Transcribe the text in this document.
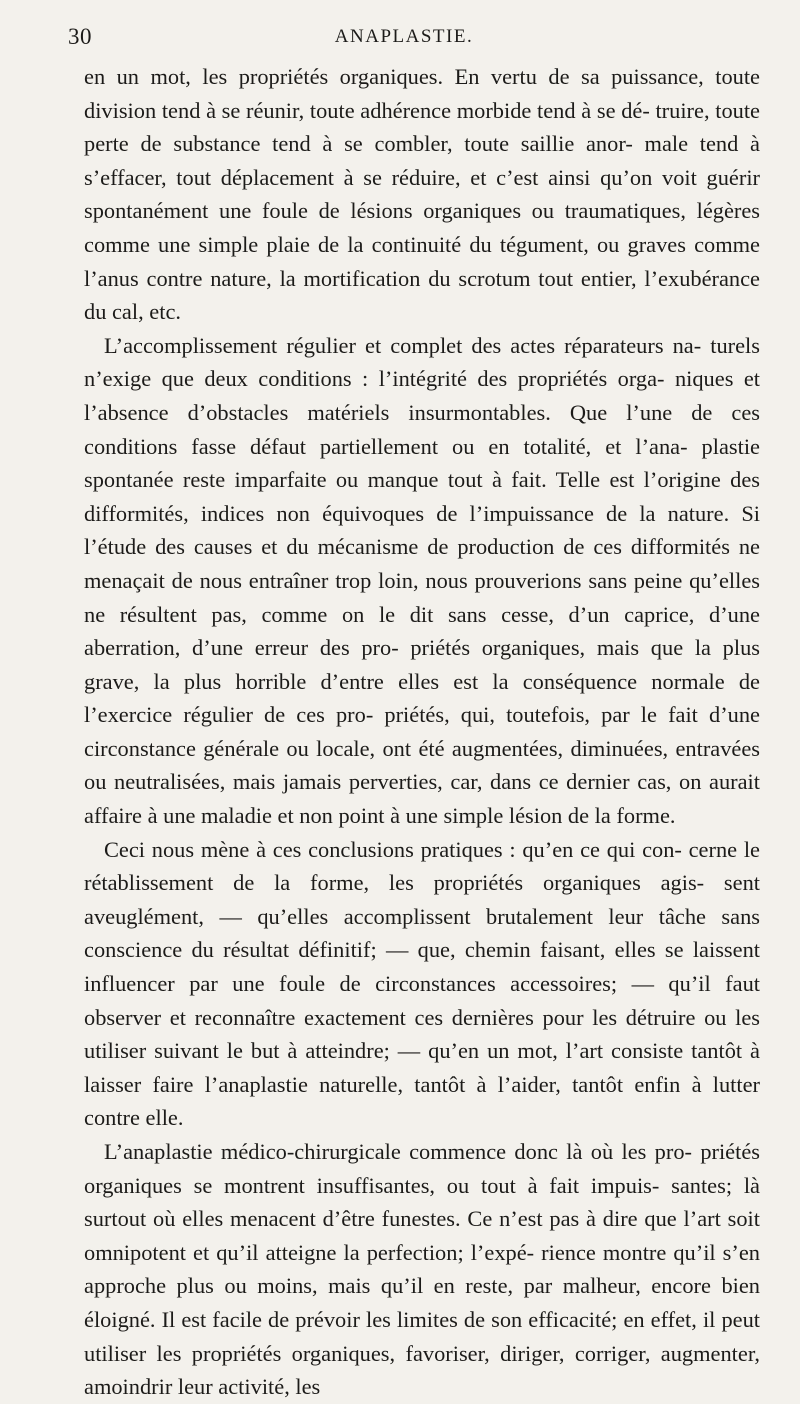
30	ANAPLASTIE.

en un mot, les propriétés organiques. En vertu de sa puissance, toute division tend à se réunir, toute adhérence morbide tend à se dé- truire, toute perte de substance tend à se combler, toute saillie anor- male tend à s’effacer, tout déplacement à se réduire, et c’est ainsi qu’on voit guérir spontanément une foule de lésions organiques ou traumatiques, légères comme une simple plaie de la continuité du tégument, ou graves comme l’anus contre nature, la mortification du scrotum tout entier, l’exubérance du cal, etc.

L’accomplissement régulier et complet des actes réparateurs na- turels n’exige que deux conditions : l’intégrité des propriétés orga- niques et l’absence d’obstacles matériels insurmontables. Que l’une de ces conditions fasse défaut partiellement ou en totalité, et l’ana- plastie spontanée reste imparfaite ou manque tout à fait. Telle est l’origine des difformités, indices non équivoques de l’impuissance de la nature. Si l’étude des causes et du mécanisme de production de ces difformités ne menaçait de nous entraîner trop loin, nous prouverions sans peine qu’elles ne résultent pas, comme on le dit sans cesse, d’un caprice, d’une aberration, d’une erreur des pro- priétés organiques, mais que la plus grave, la plus horrible d’entre elles est la conséquence normale de l’exercice régulier de ces pro- priétés, qui, toutefois, par le fait d’une circonstance générale ou locale, ont été augmentées, diminuées, entravées ou neutralisées, mais jamais perverties, car, dans ce dernier cas, on aurait affaire à une maladie et non point à une simple lésion de la forme.

Ceci nous mène à ces conclusions pratiques : qu’en ce qui con- cerne le rétablissement de la forme, les propriétés organiques agis- sent aveuglément, — qu’elles accomplissent brutalement leur tâche sans conscience du résultat définitif; — que, chemin faisant, elles se laissent influencer par une foule de circonstances accessoires; — qu’il faut observer et reconnaître exactement ces dernières pour les détruire ou les utiliser suivant le but à atteindre; — qu’en un mot, l’art consiste tantôt à laisser faire l’anaplastie naturelle, tantôt à l’aider, tantôt enfin à lutter contre elle.

L’anaplastie médico-chirurgicale commence donc là où les pro- priétés organiques se montrent insuffisantes, ou tout à fait impuis- santes; là surtout où elles menacent d’être funestes. Ce n’est pas à dire que l’art soit omnipotent et qu’il atteigne la perfection; l’expé- rience montre qu’il s’en approche plus ou moins, mais qu’il en reste, par malheur, encore bien éloigné. Il est facile de prévoir les limites de son efficacité; en effet, il peut utiliser les propriétés organiques, favoriser, diriger, corriger, augmenter, amoindrir leur activité, les
